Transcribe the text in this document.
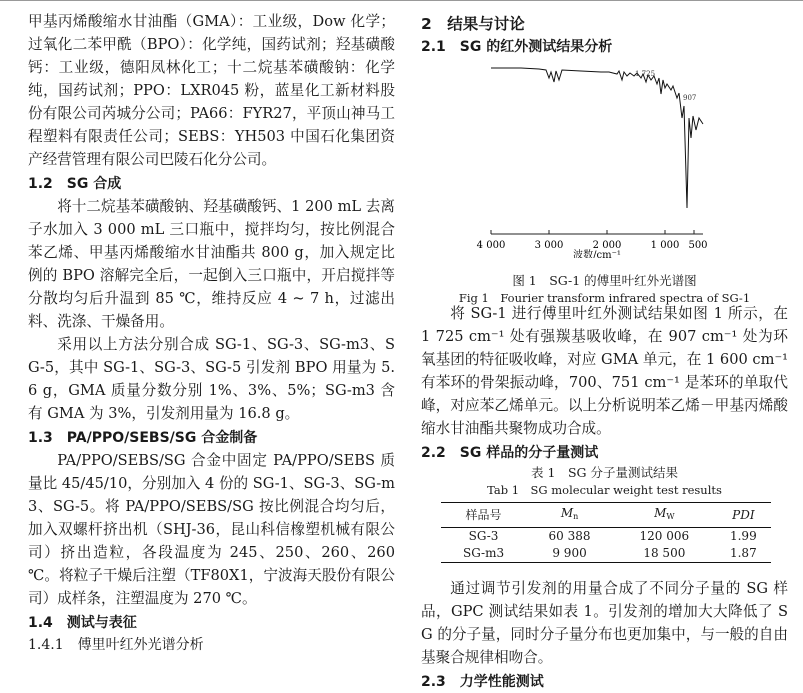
甲基丙烯酸缩水甘油酯（GMA）：工业级，Dow 化学；过氧化二苯甲酰（BPO）：化学纯，国药试剂；羟基磺酸钙：工业级，德阳凤林化工；十二烷基苯磺酸钠：化学纯，国药试剂；PPO：LXR045 粉，蓝星化工新材料股份有限公司芮城分公司；PA66：FYR27，平顶山神马工程塑料有限责任公司；SEBS：YH503 中国石化集团资产经营管理有限公司巴陵石化分公司。

1.2　SG 合成

将十二烷基苯磺酸钠、羟基磺酸钙、1 200 mL 去离子水加入 3 000 mL 三口瓶中，搅拌均匀，按比例混合苯乙烯、甲基丙烯酸缩水甘油酯共 800 g，加入规定比例的 BPO 溶解完全后，一起倒入三口瓶中，开启搅拌等分散均匀后升温到 85 ℃，维持反应 4 ~ 7 h，过滤出料、洗涤、干燥备用。

采用以上方法分别合成 SG-1、SG-3、SG-m3、SG-5，其中 SG-1、SG-3、SG-5 引发剂 BPO 用量为 5.6 g，GMA 质量分数分别 1%、3%、5%；SG-m3 含有 GMA 为 3%，引发剂用量为 16.8 g。

1.3　PA/PPO/SEBS/SG 合金制备

PA/PPO/SEBS/SG 合金中固定 PA/PPO/SEBS 质量比 45/45/10，分别加入 4 份的 SG-1、SG-3、SG-m3、SG-5。将 PA/PPO/SEBS/SG 按比例混合均匀后，加入双螺杆挤出机（SHJ-36，昆山科信橡塑机械有限公司）挤出造粒，各段温度为 245、250、260、260 ℃。将粒子干燥后注塑（TF80X1，宁波海天股份有限公司）成样条，注塑温度为 270 ℃。

1.4　测试与表征

1.4.1　傅里叶红外光谱分析

2　结果与讨论

2.1　SG 的红外测试结果分析

1 725
907
4 000	3 000	2 000	1 000 500
波数/cm⁻¹

图 1　SG-1 的傅里叶红外光谱图

Fig 1　Fourier transform infrared spectra of SG-1

将 SG-1 进行傅里叶红外测试结果如图 1 所示，在 1 725 cm⁻¹ 处有强羰基吸收峰，在 907 cm⁻¹ 处为环氧基团的特征吸收峰，对应 GMA 单元，在 1 600 cm⁻¹ 有苯环的骨架振动峰，700、751 cm⁻¹ 是苯环的单取代峰，对应苯乙烯单元。以上分析说明苯乙烯－甲基丙烯酸缩水甘油酯共聚物成功合成。

2.2　SG 样品的分子量测试

表 1　SG 分子量测试结果

Tab 1　SG molecular weight test results

样品号	$M_n$	$M_W$	PDI
SG-3	60 388	120 006	1.99
SG-m3	9 900	18 500	1.87

通过调节引发剂的用量合成了不同分子量的 SG 样品，GPC 测试结果如表 1。引发剂的增加大大降低了 SG 的分子量，同时分子量分布也更加集中，与一般的自由基聚合规律相吻合。

2.3　力学性能测试
